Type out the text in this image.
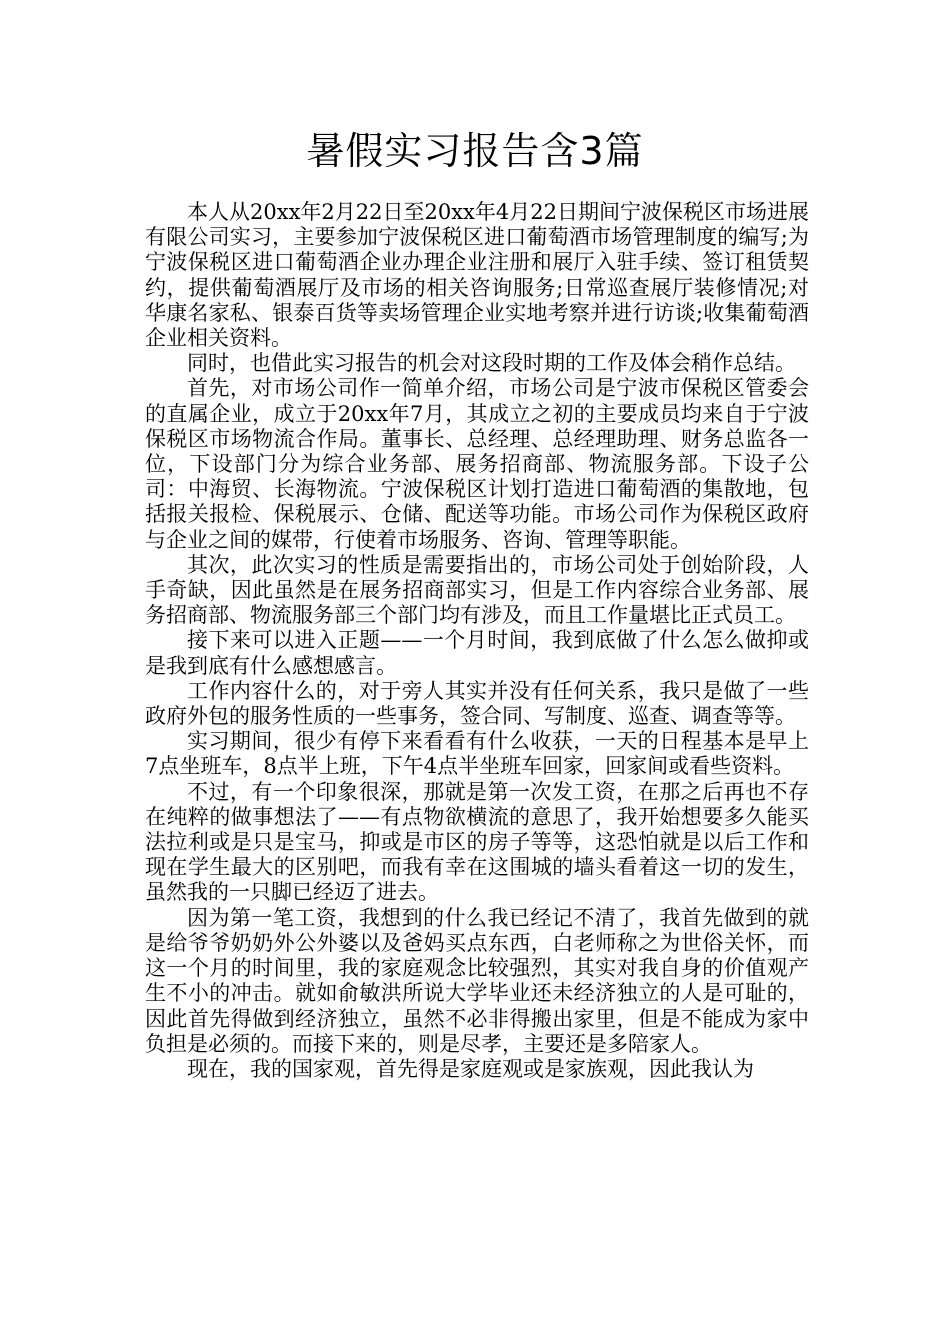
暑假实习报告含3篇

本人从20xx年2月22日至20xx年4月22日期间宁波保税区市场进展有限公司实习，主要参加宁波保税区进口葡萄酒市场管理制度的编写;为宁波保税区进口葡萄酒企业办理企业注册和展厅入驻手续、签订租赁契约，提供葡萄酒展厅及市场的相关咨询服务;日常巡查展厅装修情况;对华康名家私、银泰百货等卖场管理企业实地考察并进行访谈;收集葡萄酒企业相关资料。

同时，也借此实习报告的机会对这段时期的工作及体会稍作总结。

首先，对市场公司作一简单介绍，市场公司是宁波市保税区管委会的直属企业，成立于20xx年7月，其成立之初的主要成员均来自于宁波保税区市场物流合作局。董事长、总经理、总经理助理、财务总监各一位，下设部门分为综合业务部、展务招商部、物流服务部。下设子公司：中海贸、长海物流。宁波保税区计划打造进口葡萄酒的集散地，包括报关报检、保税展示、仓储、配送等功能。市场公司作为保税区政府与企业之间的媒带，行使着市场服务、咨询、管理等职能。

其次，此次实习的性质是需要指出的，市场公司处于创始阶段，人手奇缺，因此虽然是在展务招商部实习，但是工作内容综合业务部、展务招商部、物流服务部三个部门均有涉及，而且工作量堪比正式员工。

接下来可以进入正题——一个月时间，我到底做了什么怎么做抑或是我到底有什么感想感言。

工作内容什么的，对于旁人其实并没有任何关系，我只是做了一些政府外包的服务性质的一些事务，签合同、写制度、巡查、调查等等。

实习期间，很少有停下来看看有什么收获，一天的日程基本是早上7点坐班车，8点半上班，下午4点半坐班车回家，回家间或看些资料。

不过，有一个印象很深，那就是第一次发工资，在那之后再也不存在纯粹的做事想法了——有点物欲横流的意思了，我开始想要多久能买法拉利或是只是宝马，抑或是市区的房子等等，这恐怕就是以后工作和现在学生最大的区别吧，而我有幸在这围城的墙头看着这一切的发生，虽然我的一只脚已经迈了进去。

因为第一笔工资，我想到的什么我已经记不清了，我首先做到的就是给爷爷奶奶外公外婆以及爸妈买点东西，白老师称之为世俗关怀，而这一个月的时间里，我的家庭观念比较强烈，其实对我自身的价值观产生不小的冲击。就如俞敏洪所说大学毕业还未经济独立的人是可耻的，因此首先得做到经济独立，虽然不必非得搬出家里，但是不能成为家中负担是必须的。而接下来的，则是尽孝，主要还是多陪家人。

现在，我的国家观，首先得是家庭观或是家族观，因此我认为
